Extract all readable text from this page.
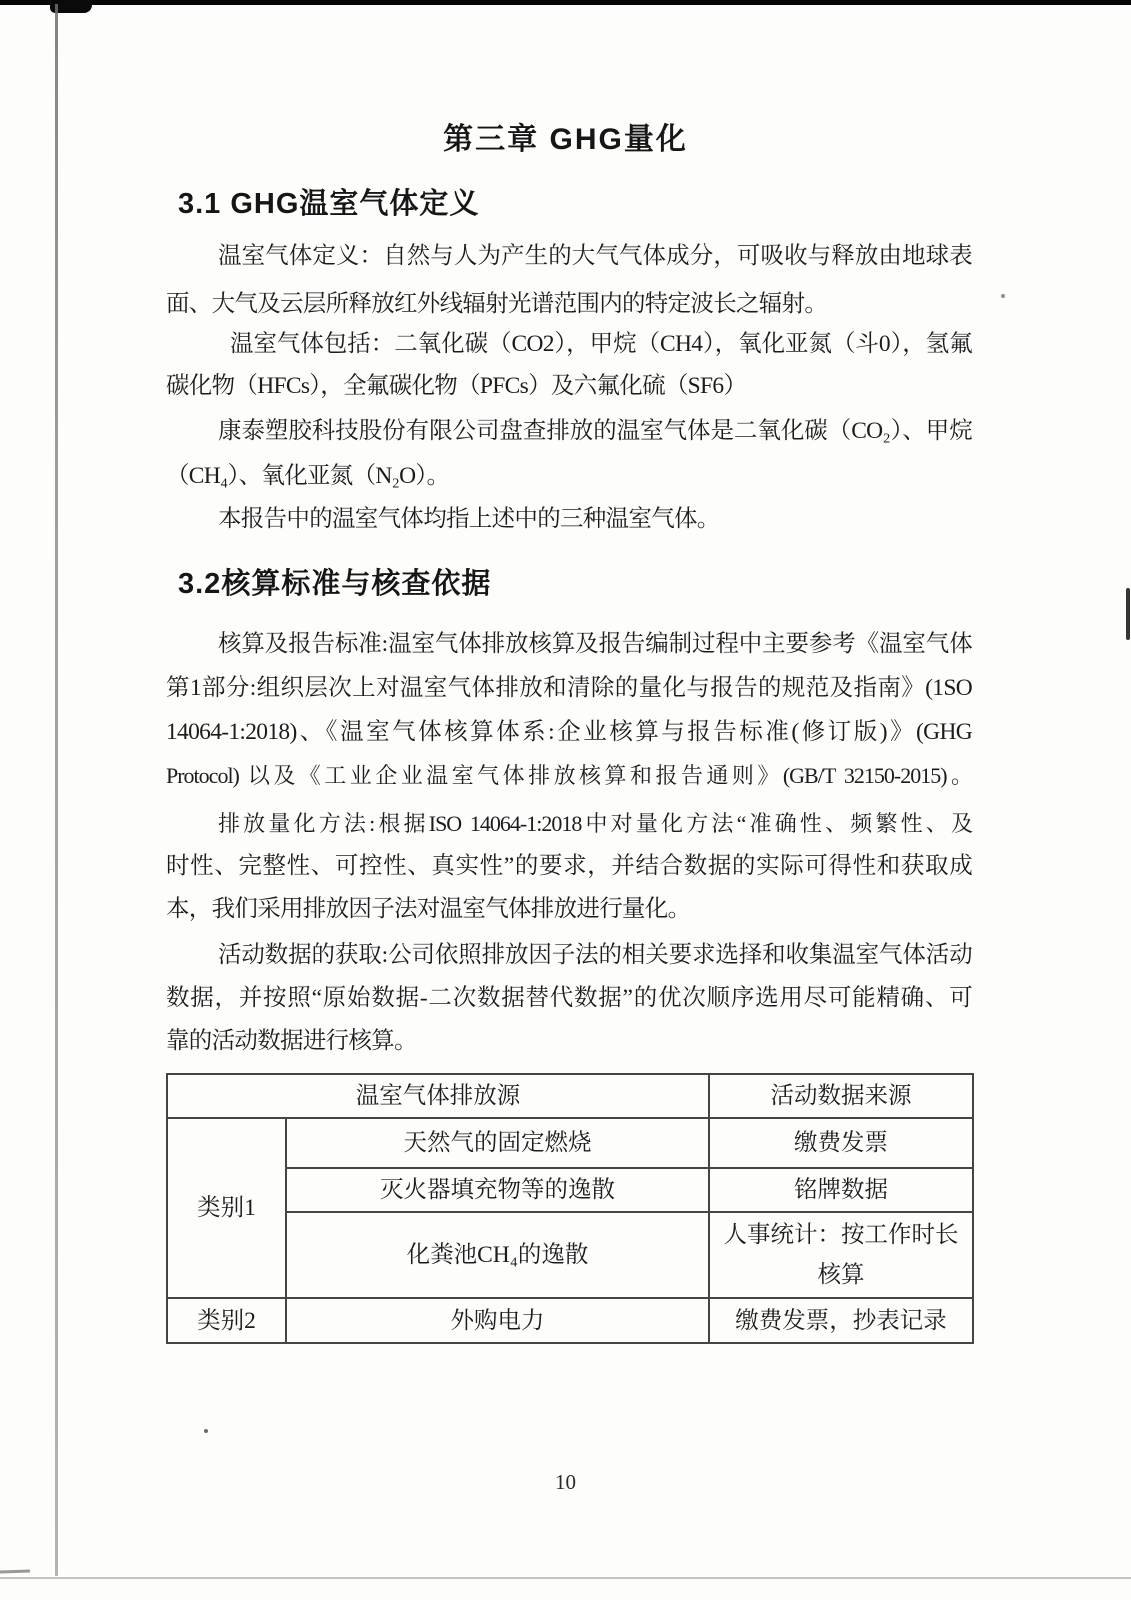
第三章 GHG量化
3.1 GHG温室气体定义
温室气体定义：自然与人为产生的大气气体成分，可吸收与释放由地球表
面、大气及云层所释放红外线辐射光谱范围内的特定波长之辐射。
温室气体包括：二氧化碳（CO2），甲烷（CH4），氧化亚氮（斗0），氢氟
碳化物（HFCs），全氟碳化物（PFCs）及六氟化硫（SF6）
康泰塑胶科技股份有限公司盘查排放的温室气体是二氧化碳（CO₂）、甲烷
（CH₄）、氧化亚氮（N₂O）。
本报告中的温室气体均指上述中的三种温室气体。
3.2核算标准与核查依据
核算及报告标准:温室气体排放核算及报告编制过程中主要参考《温室气体
第1部分:组织层次上对温室气体排放和清除的量化与报告的规范及指南》(1SO
14064-1:2018)、《温室气体核算体系:企业核算与报告标准(修订版)》(GHG
Protocol) 以及《工业企业温室气体排放核算和报告通则》(GB/T 32150-2015)。
排放量化方法:根据ISO 14064-1:2018中对量化方法“准确性、频繁性、及
时性、完整性、可控性、真实性”的要求，并结合数据的实际可得性和获取成
本，我们采用排放因子法对温室气体排放进行量化。
活动数据的获取:公司依照排放因子法的相关要求选择和收集温室气体活动
数据，并按照“原始数据-二次数据替代数据”的优次顺序选用尽可能精确、可
靠的活动数据进行核算。
温室气体排放源		活动数据来源
类别1	天然气的固定燃烧	缴费发票
	灭火器填充物等的逸散	铭牌数据
	化粪池CH₄的逸散	人事统计：按工作时长核算
类别2	外购电力	缴费发票，抄表记录
10
